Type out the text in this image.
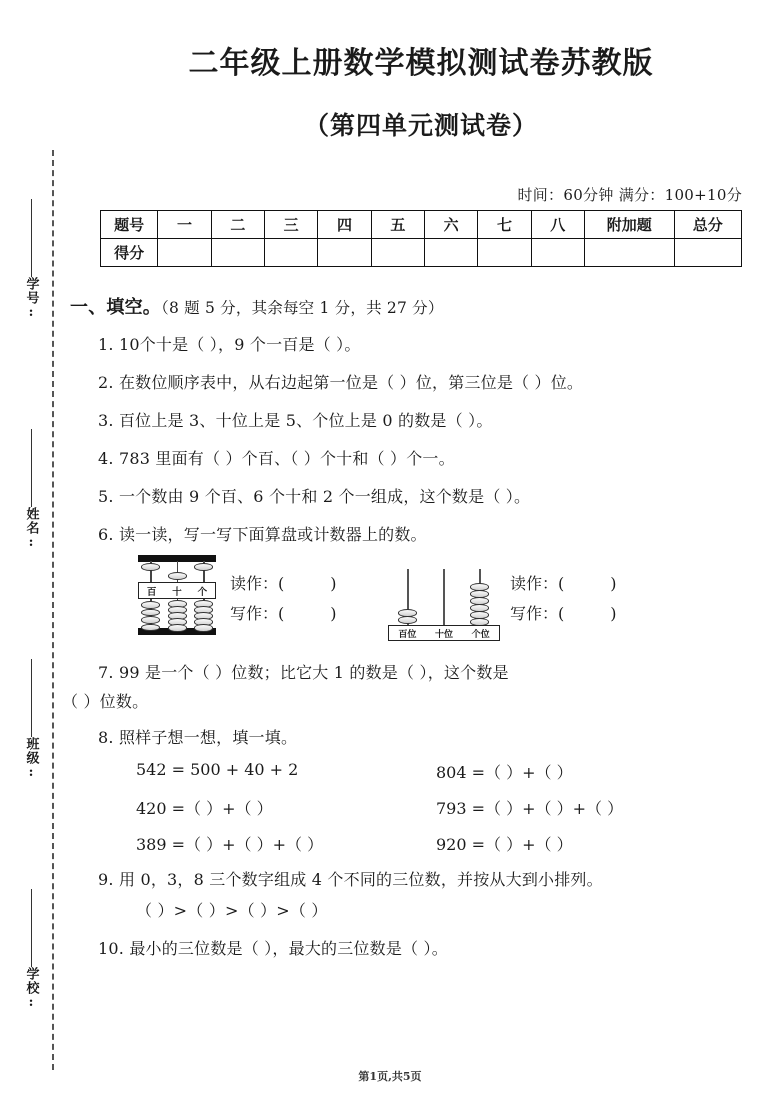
学号:
姓名:
班级:
学校:
二年级上册数学模拟测试卷苏教版
（第四单元测试卷）
时间：60分钟 满分：100+10分
题号	一	二	三	四	五	六	七	八	附加题	总分
得分										
一、填空。（8 题 5 分，其余每空 1 分，共 27 分）
1. 10个十是（ ），9 个一百是（ ）。
2. 在数位顺序表中，从右边起第一位是（ ）位，第三位是（ ）位。
3. 百位上是 3、十位上是 5、个位上是 0 的数是（ ）。
4. 783 里面有（ ）个百、（ ）个十和（ ）个一。
5. 一个数由 9 个百、6 个十和 2 个一组成，这个数是（ ）。
6. 读一读，写一写下面算盘或计数器上的数。
百 十 个 读作：(	)
写作：(	)
百位 十位 个位
读作：(	)
写作：(	)
7. 99 是一个（ ）位数；比它大 1 的数是（ ），这个数是
（ ）位数。
8. 照样子想一想，填一填。
542 = 500 + 40 + 2	804 =（ ）+（ ）
420 =（ ）+（ ）	793 =（ ）+（ ）+（ ）
389 =（ ）+（ ）+（ ）	920 =（ ）+（ ）
9. 用 0，3，8 三个数字组成 4 个不同的三位数，并按从大到小排列。
（ ）>（ ）>（ ）>（ ）
10. 最小的三位数是（ ），最大的三位数是（ ）。
第1页,共5页
